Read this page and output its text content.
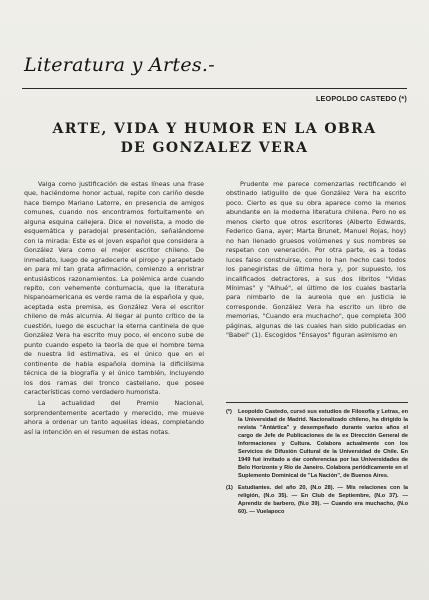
Literatura y Artes.-
LEOPOLDO CASTEDO (*)
ARTE, VIDA Y HUMOR EN LA OBRA
DE GONZALEZ VERA

Valga como justificación de estas líneas una frase que, haciéndome honor actual, repite con cariño desde hace tiempo Mariano Latorre, en presencia de amigos comunes, cuando nos encontramos fortuitamente en alguna esquina callejera. Dice el novelista, a modo de esquemática y paradojal presentación, señalándome con la mirada: Este es el joven español que considera a González Vera como el mejor escritor chileno. De inmediato, luego de agradecerle el piropo y parapetado en para mí tan grata afirmación, comienzo a enristrar entusiásticos razonamientos. La polémica arde cuando repito, con vehemente contumacia, que la literatura hispanoamericana es verde rama de la española y que, aceptada esta premisa, es González Vera el escritor chileno de más alcurnia. Al llegar al punto crítico de la cuestión, luego de escuchar la eterna cantinela de que González Vera ha escrito muy poco, el encono sube de punto cuando espeto la teoría de que el hombre tema de nuestra lid estimativa, es el único que en el continente de habla española domina la dificilísima técnica de la biografía y el único también, incluyendo los dos ramas del tronco castellano, que posee características como verdadero humorista.

La actualidad del Premio Nacional, sorprendentemente acertado y merecido, me mueve ahora a ordenar un tanto aquellas ideas, completando así la intención en el resumen de estas notas.

Prudente me parece comenzarlas rectificando el obstinado latiguillo de que González Vera ha escrito poco. Cierto es que su obra aparece como la menos abundante en la moderna literatura chilena. Pero no es menos cierto que otros escritores (Alberto Edwards, Federico Gana, ayer; Marta Brunet, Manuel Rojas, hoy) no han llenado gruesos volúmenes y sus nombres se respetan con veneración. Por otra parte, es a todas luces falso construirse, como lo han hecho casi todos los panegiristas de última hora y, por supuesto, los incalificados detractores, a sus dos libritos "Vidas Mínimas" y "Alhué", el último de los cuales bastaría para nimbarlo de la aureola que en justicia le corresponde. González Vera ha escrito un libro de memorias, "Cuando era muchacho", que completa 300 páginas, algunas de las cuales han sido publicadas en "Babel" (1). Escogidos "Ensayos" figuran asimismo en

(*)	Leopoldo Castedo, cursó sus estudios de Filosofía y Letras, en la Universidad de Madrid. Nacionalizado chileno, ha dirigido la revista "Antártica" y desempeñado durante varios años el cargo de Jefe de Publicaciones de la ex Dirección General de Informaciones y Cultura. Colabora actualmente con los Servicios de Difusión Cultural de la Universidad de Chile. En 1949 fué invitado a dar conferencias por las Universidades de Belo Horizonte y Río de Janeiro. Colabora periódicamente en el Suplemento Dominical de "La Nación", de Buenos Aires.
(1) Estudiantes. del año 20, (N.o 28). — Mis relaciones con la religión, (N.o 35). — En Club de Septiembre, (N.o 37). — Aprendiz de barbero, (N.o 39). — Cuando era muchacho, (N.o 60). — Vuelapoco
